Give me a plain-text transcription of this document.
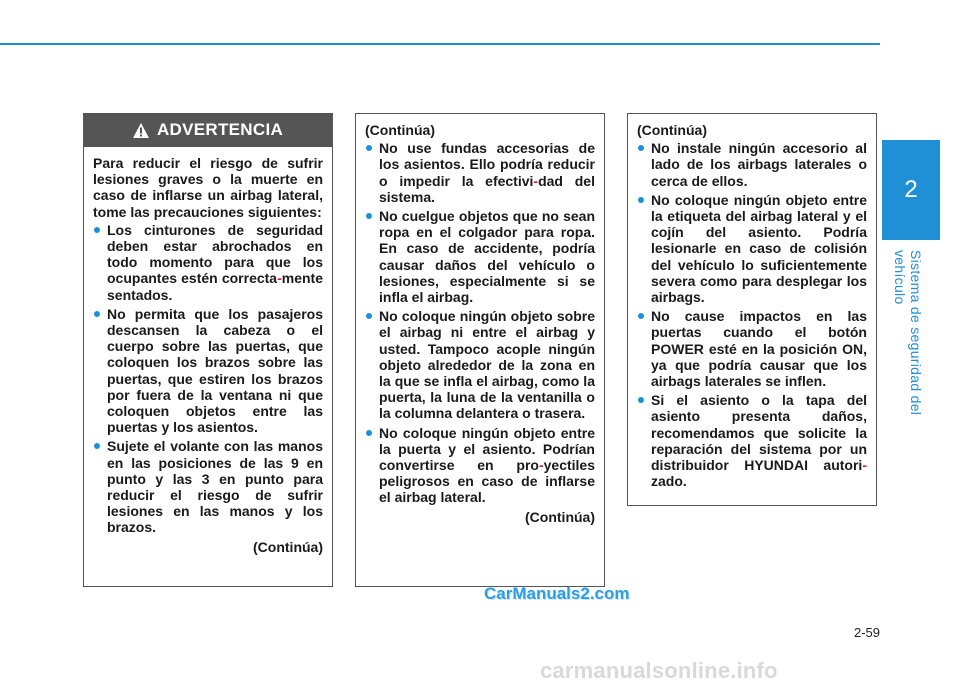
2
Sistema de seguridad del vehículo
ADVERTENCIA

Para reducir el riesgo de sufrir lesiones graves o la muerte en caso de inflarse un airbag lateral, tome las precauciones siguientes:

Los cinturones de seguridad deben estar abrochados en todo momento para que los ocupantes estén correcta-mente sentados.
No permita que los pasajeros descansen la cabeza o el cuerpo sobre las puertas, que coloquen los brazos sobre las puertas, que estiren los brazos por fuera de la ventana ni que coloquen objetos entre las puertas y los asientos.
Sujete el volante con las manos en las posiciones de las 9 en punto y las 3 en punto para reducir el riesgo de sufrir lesiones en las manos y los brazos.
(Continúa)
(Continúa)
No use fundas accesorias de los asientos. Ello podría reducir o impedir la efectivi-dad del sistema.
No cuelgue objetos que no sean ropa en el colgador para ropa. En caso de accidente, podría causar daños del vehículo o lesiones, especialmente si se infla el airbag.
No coloque ningún objeto sobre el airbag ni entre el airbag y usted. Tampoco acople ningún objeto alrededor de la zona en la que se infla el airbag, como la puerta, la luna de la ventanilla o la columna delantera o trasera.
No coloque ningún objeto entre la puerta y el asiento. Podrían convertirse en pro-yectiles peligrosos en caso de inflarse el airbag lateral.
(Continúa)
(Continúa)
No instale ningún accesorio al lado de los airbags laterales o cerca de ellos.
No coloque ningún objeto entre la etiqueta del airbag lateral y el cojín del asiento. Podría lesionarle en caso de colisión del vehículo lo suficientemente severa como para desplegar los airbags.
No cause impactos en las puertas cuando el botón POWER esté en la posición ON, ya que podría causar que los airbags laterales se inflen.
Si el asiento o la tapa del asiento presenta daños, recomendamos que solicite la reparación del sistema por un distribuidor HYUNDAI autori-zado.
CarManuals2.com
2-59
carmanualsonline.info
